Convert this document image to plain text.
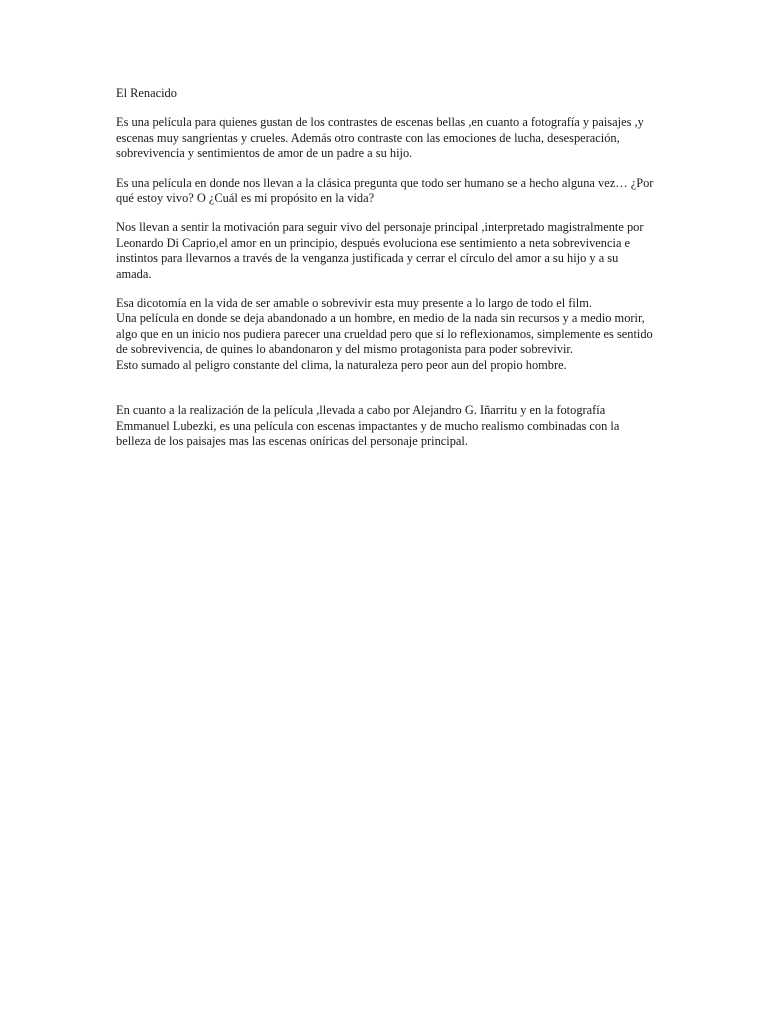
El Renacido
Es una película para quienes gustan de los contrastes de escenas bellas ,en cuanto a fotografía y paisajes ,y escenas muy sangrientas y crueles. Además otro contraste con las emociones de lucha, desesperación, sobrevivencia y sentimientos de amor de un padre a su hijo.
Es una película en donde nos llevan a la clásica pregunta que todo ser humano se a hecho alguna vez… ¿Por qué estoy vivo? O ¿Cuál es mi propósito en la vida?
Nos llevan a sentir la motivación para seguir vivo del personaje principal ,interpretado magistralmente por Leonardo Di Caprio,el amor en un principio, después evoluciona ese sentimiento a neta sobrevivencia e instintos para llevarnos a través de la venganza justificada y cerrar el círculo del amor a su hijo y a su amada.
Esa dicotomía en la vida de ser amable o sobrevivir esta muy presente a lo largo de todo el film.
Una película en donde se deja abandonado a un hombre, en medio de la nada sin recursos y a medio morir, algo que en un inicio nos pudiera parecer una crueldad pero que si lo reflexionamos, simplemente es sentido de sobrevivencia, de quines lo abandonaron y del mismo protagonista para poder sobrevivir.
Esto sumado al peligro constante del clima, la naturaleza pero peor aun del propio hombre.
En cuanto a la realización de la película ,llevada a cabo por Alejandro G. Iñarritu y en la fotografía Emmanuel Lubezki, es una película con escenas impactantes y de mucho realismo combinadas con la belleza de los paisajes mas las escenas oníricas del personaje principal.
